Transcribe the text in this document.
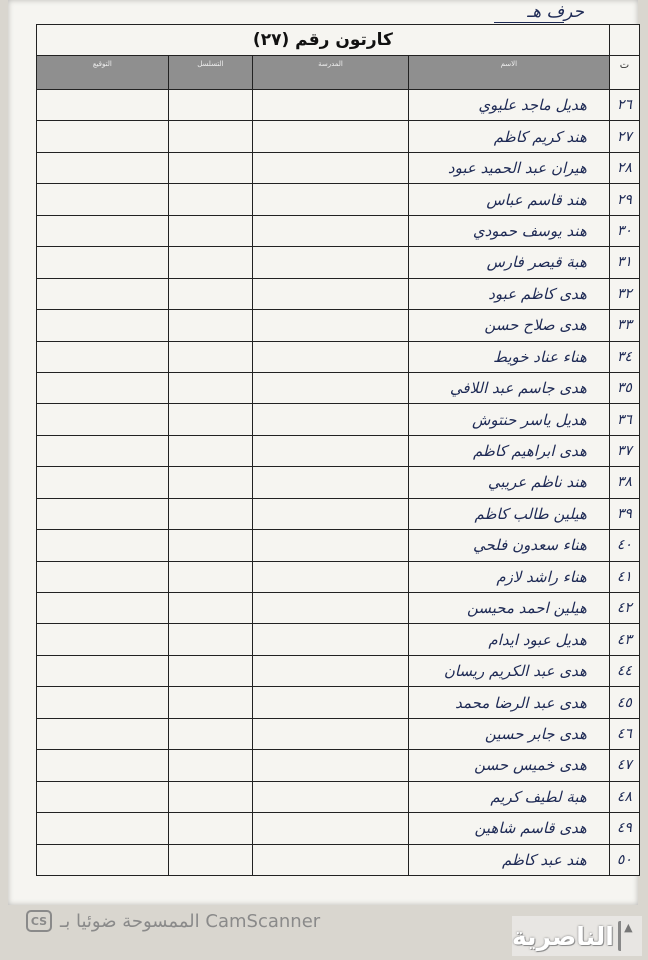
حرف هـ
	كارتون رقم (٢٧)			
ت	الاسم	المدرسة	التسلسل	التوقيع
٢٦	هديل ماجد عليوي			
٢٧	هند كريم كاظم			
٢٨	هيران عبد الحميد عبود			
٢٩	هند قاسم عباس			
٣٠	هند يوسف حمودي			
٣١	هبة قيصر فارس			
٣٢	هدى كاظم عبود			
٣٣	هدى صلاح حسن			
٣٤	هناء عناد خويط			
٣٥	هدى جاسم عبد اللافي			
٣٦	هديل ياسر حنتوش			
٣٧	هدى ابراهيم كاظم			
٣٨	هند ناظم عريبي			
٣٩	هيلين طالب كاظم			
٤٠	هناء سعدون فلحي			
٤١	هناء راشد لازم			
٤٢	هيلين احمد محيسن			
٤٣	هديل عبود ايدام			
٤٤	هدى عبد الكريم ريسان			
٤٥	هدى عبد الرضا محمد			
٤٦	هدى جابر حسين			
٤٧	هدى خميس حسن			
٤٨	هبة لطيف كريم			
٤٩	هدى قاسم شاهين			
٥٠	هند عبد كاظم			
CS الممسوحة ضوئيا بـ CamScanner
الناصرية ▲
